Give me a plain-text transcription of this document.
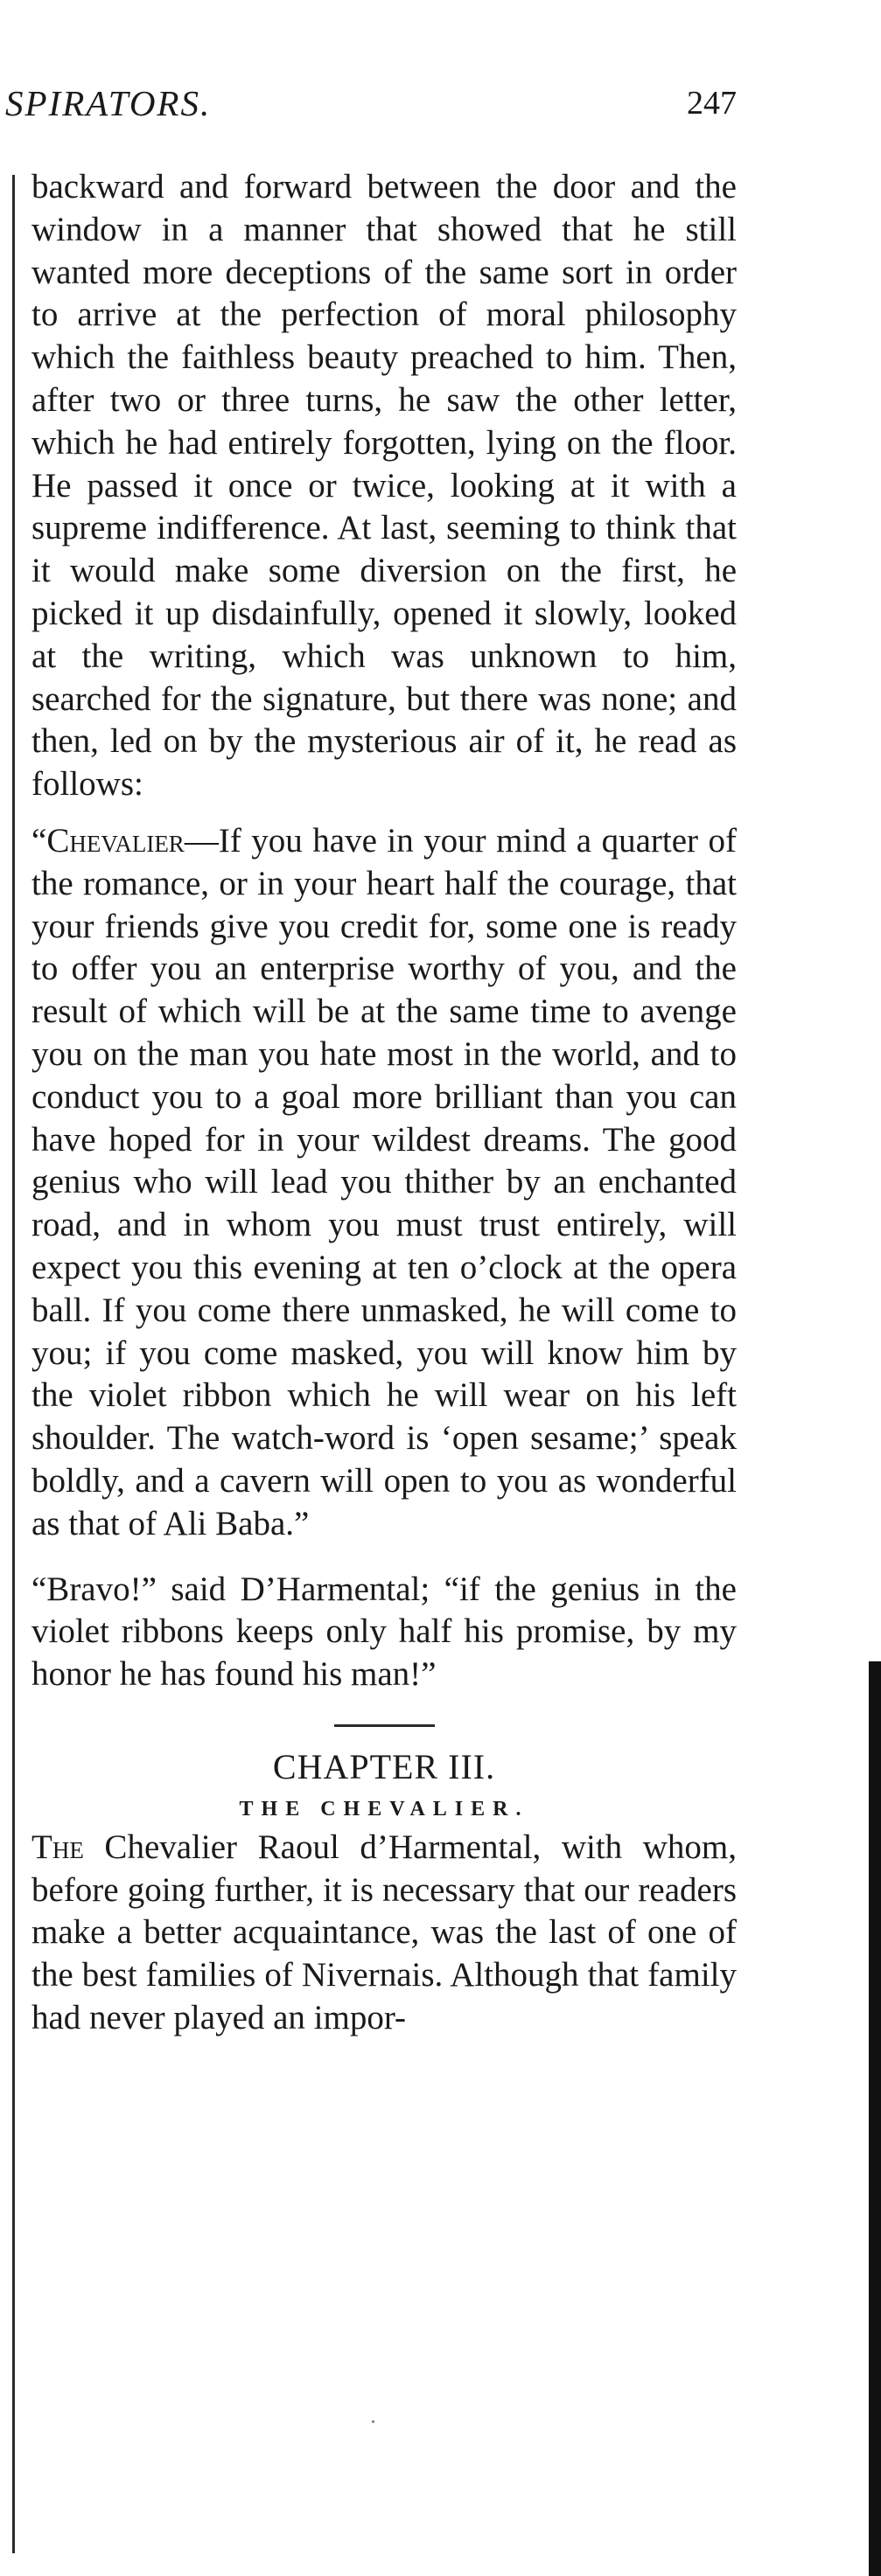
SPIRATORS.	247

backward and forward between the door and the window in a manner that showed that he still wanted more deceptions of the same sort in order to arrive at the perfection of moral philosophy which the faithless beauty preached to him. Then, after two or three turns, he saw the other letter, which he had entirely forgotten, lying on the floor. He passed it once or twice, looking at it with a supreme indifference. At last, seeming to think that it would make some diversion on the first, he picked it up disdainfully, opened it slowly, looked at the writing, which was unknown to him, searched for the signature, but there was none; and then, led on by the mysterious air of it, he read as follows:

“Chevalier—If you have in your mind a quarter of the romance, or in your heart half the courage, that your friends give you credit for, some one is ready to offer you an enterprise worthy of you, and the result of which will be at the same time to avenge you on the man you hate most in the world, and to conduct you to a goal more brilliant than you can have hoped for in your wildest dreams. The good genius who will lead you thither by an enchanted road, and in whom you must trust entirely, will expect you this evening at ten o’clock at the opera ball. If you come there unmasked, he will come to you; if you come masked, you will know him by the violet ribbon which he will wear on his left shoulder. The watch-word is ‘open sesame;’ speak boldly, and a cavern will open to you as wonderful as that of Ali Baba.”

“Bravo!” said D’Harmental; “if the genius in the violet ribbons keeps only half his promise, by my honor he has found his man!”

CHAPTER III.

THE CHEVALIER.

The Chevalier Raoul d’Harmental, with whom, before going further, it is necessary that our readers make a better acquaintance, was the last of one of the best families of Nivernais. Although that family had never played an impor-
